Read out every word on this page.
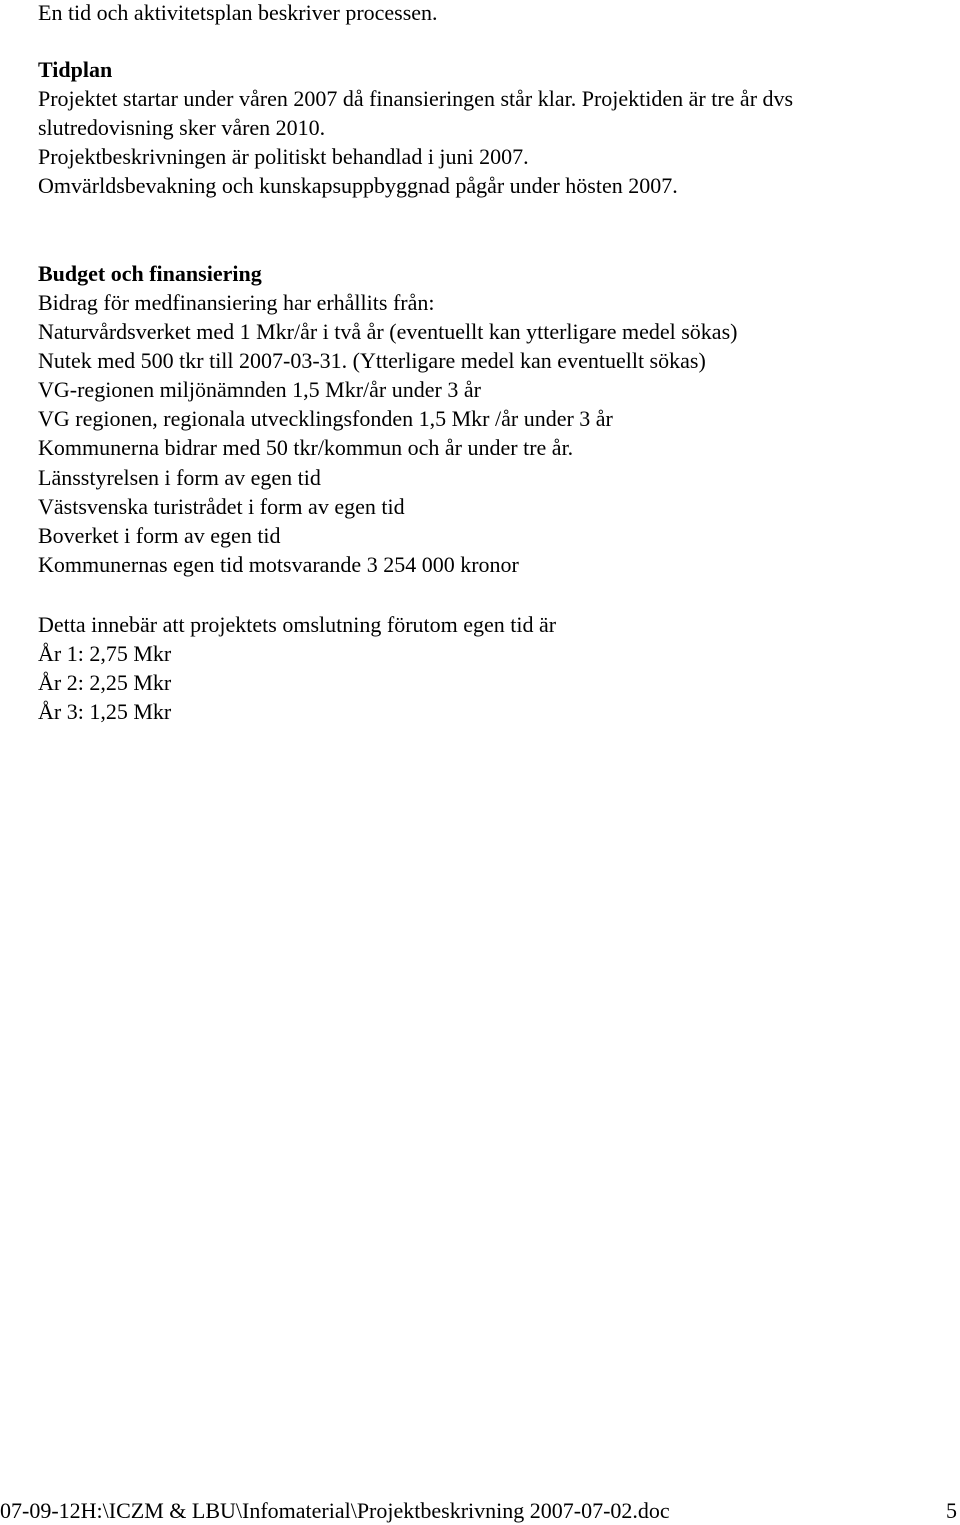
En tid och aktivitetsplan beskriver processen.
Tidplan
Projektet startar under våren 2007 då finansieringen står klar. Projektiden är tre år dvs
slutredovisning sker våren 2010.
Projektbeskrivningen är politiskt behandlad i juni 2007.
Omvärldsbevakning och kunskapsuppbyggnad pågår under hösten 2007.
Budget och finansiering
Bidrag för medfinansiering har erhållits från:
Naturvårdsverket med 1 Mkr/år i två år (eventuellt kan ytterligare medel sökas)
Nutek med 500 tkr till 2007-03-31. (Ytterligare medel kan eventuellt sökas)
VG-regionen miljönämnden 1,5 Mkr/år under 3 år
VG regionen, regionala utvecklingsfonden 1,5 Mkr /år under 3 år
Kommunerna bidrar med 50 tkr/kommun och år under tre år.
Länsstyrelsen i form av egen tid
Västsvenska turistrådet i form av egen tid
Boverket i form av egen tid
Kommunernas egen tid motsvarande 3 254 000 kronor
Detta innebär att projektets omslutning förutom egen tid är
År 1: 2,75 Mkr
År 2: 2,25 Mkr
År 3: 1,25 Mkr
07-09-12H:\ICZM & LBU\Infomaterial\Projektbeskrivning 2007-07-02.doc	5
